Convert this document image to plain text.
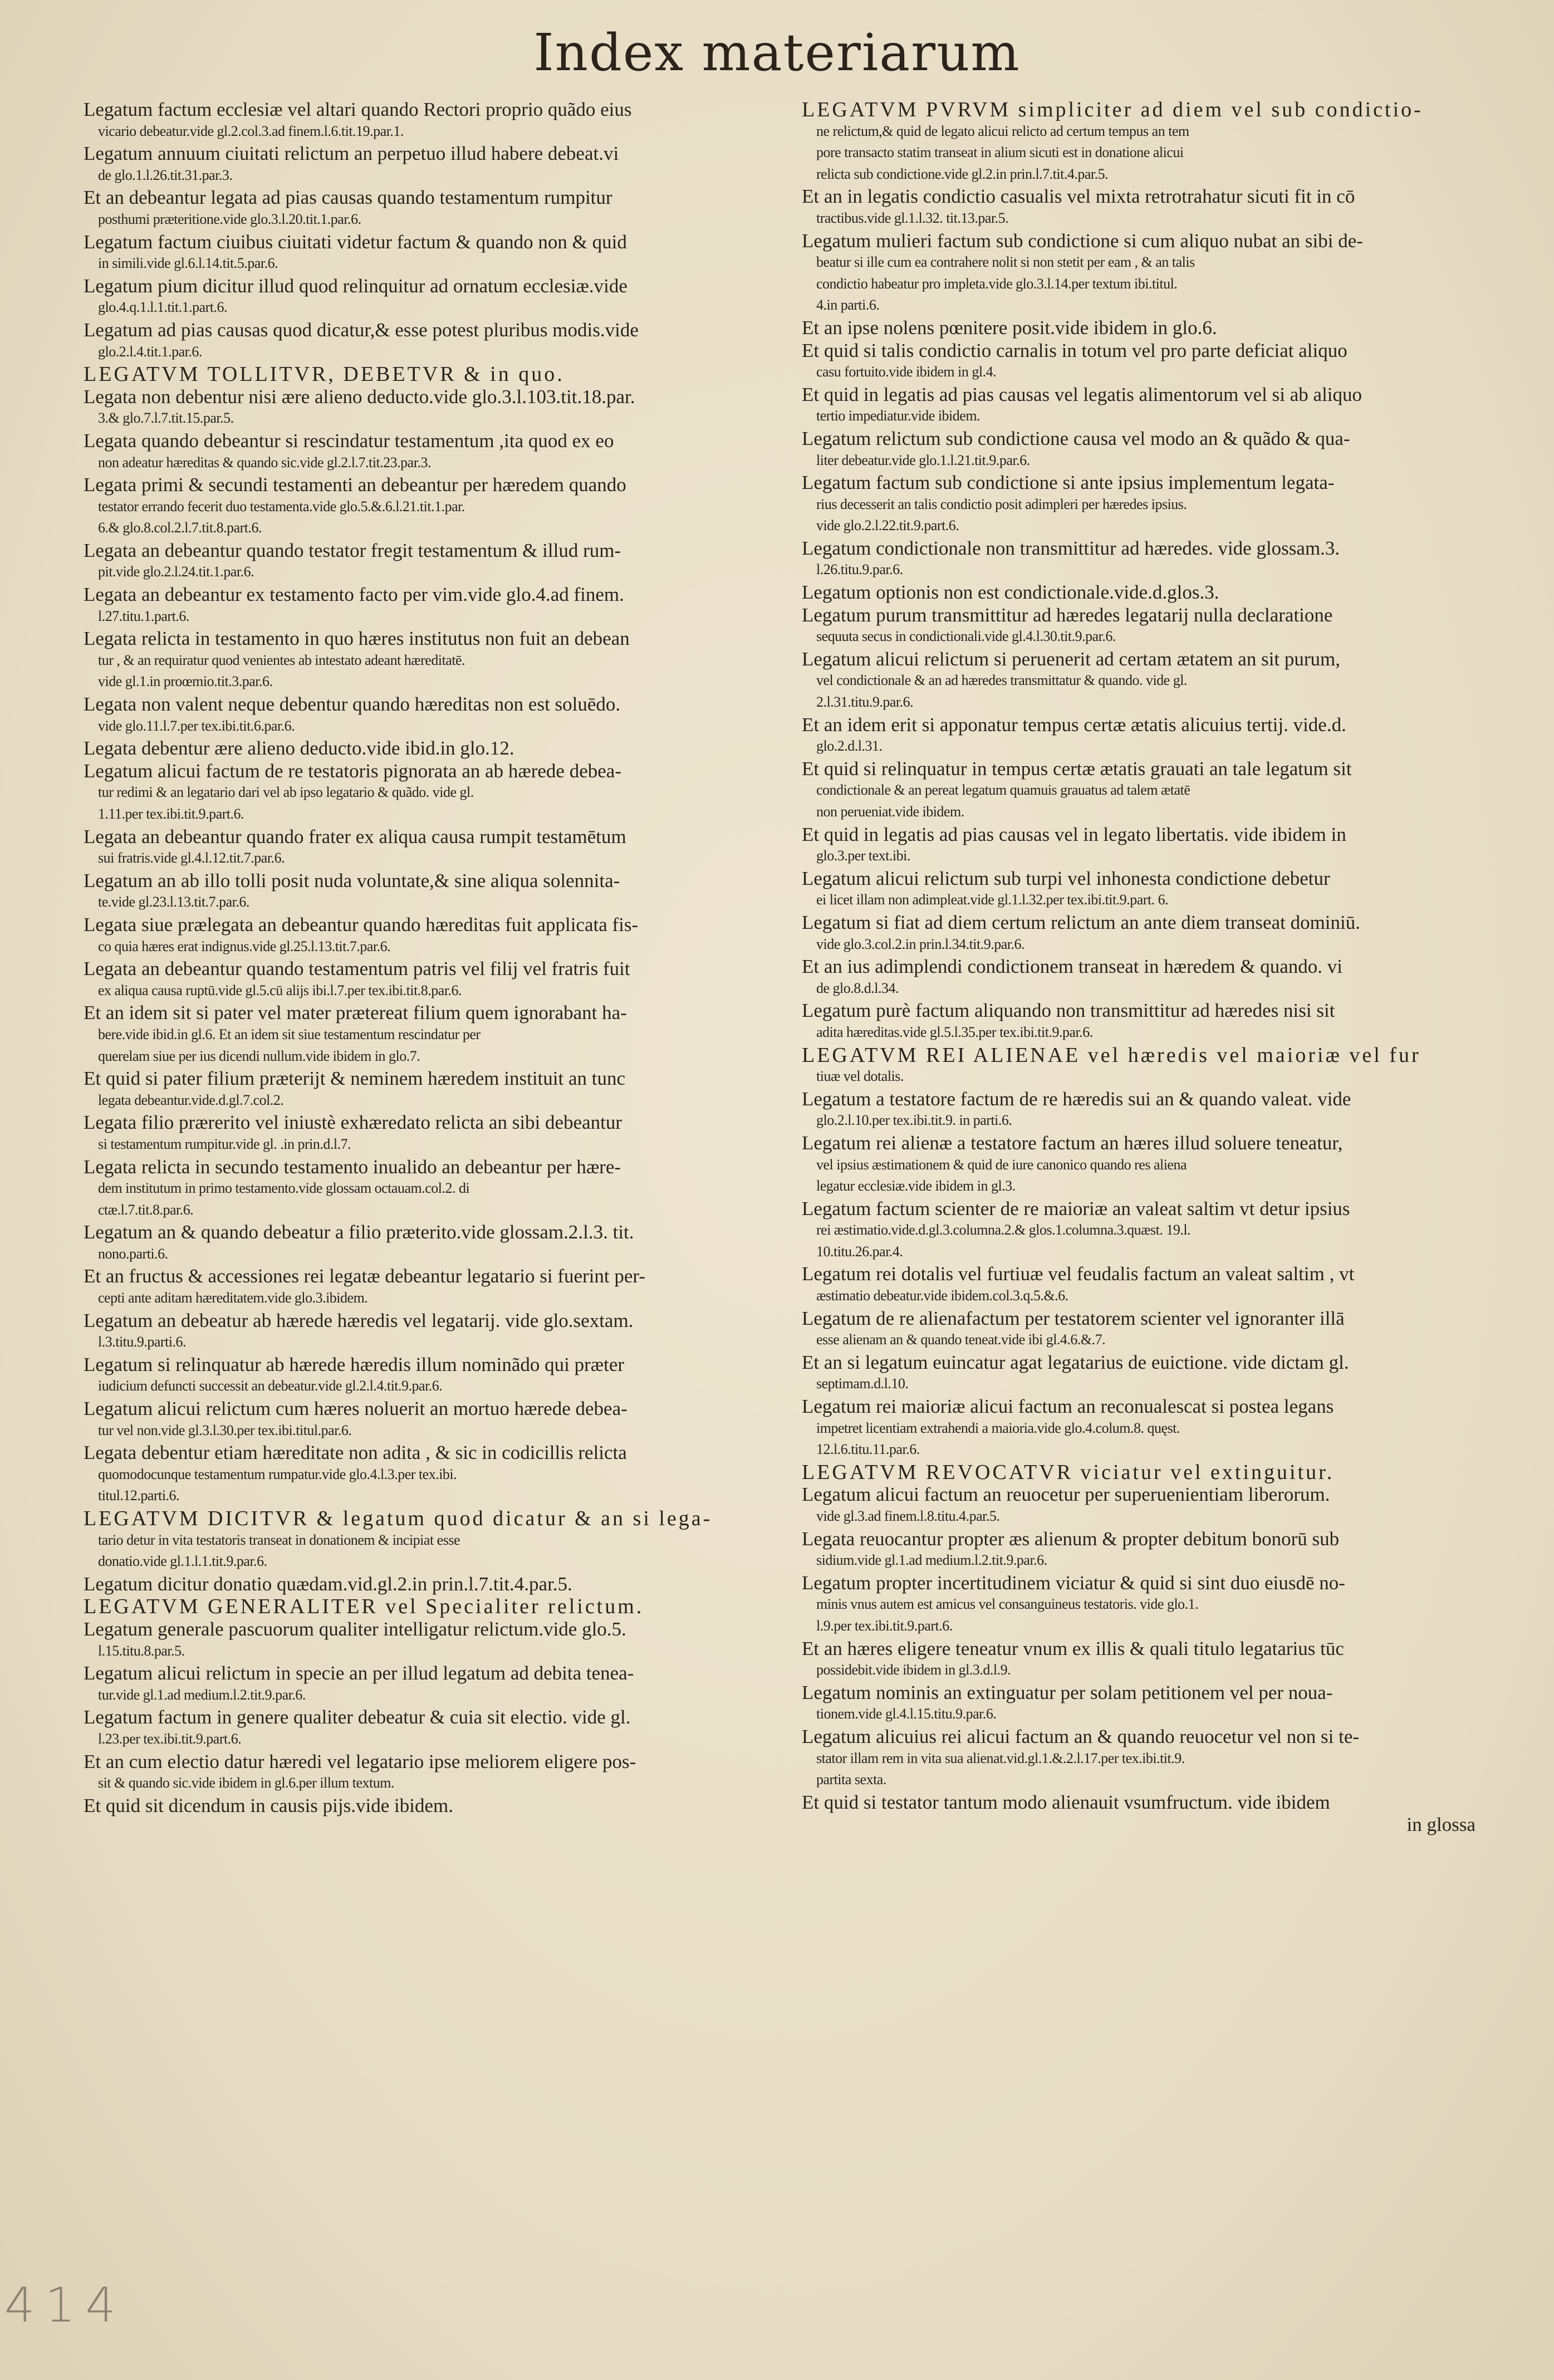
Index materiarum
Legatum factum ecclesiæ vel altari quando Rectori proprio quãdo eius
vicario debeatur.vide gl.2.col.3.ad finem.l.6.tit.19.par.1.
Legatum annuum ciuitati relictum an perpetuo illud habere debeat.vi
de glo.1.l.26.tit.31.par.3.
Et an debeantur legata ad pias causas quando testamentum rumpitur
posthumi præteritione.vide glo.3.l.20.tit.1.par.6.
Legatum factum ciuibus ciuitati videtur factum & quando non & quid
in simili.vide gl.6.l.14.tit.5.par.6.
Legatum pium dicitur illud quod relinquitur ad ornatum ecclesiæ.vide
glo.4.q.1.l.1.tit.1.part.6.
Legatum ad pias causas quod dicatur,& esse potest pluribus modis.vide
glo.2.l.4.tit.1.par.6.
LEGATVM TOLLITVR, DEBETVR & in quo.
Legata non debentur nisi ære alieno deducto.vide glo.3.l.103.tit.18.par.
3.& glo.7.l.7.tit.15.par.5.
Legata quando debeantur si rescindatur testamentum ,ita quod ex eo
non adeatur hæreditas & quando sic.vide gl.2.l.7.tit.23.par.3.
Legata primi & secundi testamenti an debeantur per hæredem quando
testator errando fecerit duo testamenta.vide glo.5.&.6.l.21.tit.1.par.
6.& glo.8.col.2.l.7.tit.8.part.6.
Legata an debeantur quando testator fregit testamentum & illud rum-
pit.vide glo.2.l.24.tit.1.par.6.
Legata an debeantur ex testamento facto per vim.vide glo.4.ad finem.
l.27.titu.1.part.6.
Legata relicta in testamento in quo hæres institutus non fuit an debean
tur , & an requiratur quod venientes ab intestato adeant hæreditatē.
vide gl.1.in proœmio.tit.3.par.6.
Legata non valent neque debentur quando hæreditas non est soluēdo.
vide glo.11.l.7.per tex.ibi.tit.6.par.6.
Legata debentur ære alieno deducto.vide ibid.in glo.12.
Legatum alicui factum de re testatoris pignorata an ab hærede debea-
tur redimi & an legatario dari vel ab ipso legatario & quãdo. vide gl.
1.11.per tex.ibi.tit.9.part.6.
Legata an debeantur quando frater ex aliqua causa rumpit testamētum
sui fratris.vide gl.4.l.12.tit.7.par.6.
Legatum an ab illo tolli posit nuda voluntate,& sine aliqua solennita-
te.vide gl.23.l.13.tit.7.par.6.
Legata siue prælegata an debeantur quando hæreditas fuit applicata fis-
co quia hæres erat indignus.vide gl.25.l.13.tit.7.par.6.
Legata an debeantur quando testamentum patris vel filij vel fratris fuit
ex aliqua causa ruptū.vide gl.5.cū alijs ibi.l.7.per tex.ibi.tit.8.par.6.
Et an idem sit si pater vel mater prætereat filium quem ignorabant ha-
bere.vide ibid.in gl.6. Et an idem sit siue testamentum rescindatur per
querelam siue per ius dicendi nullum.vide ibidem in glo.7.
Et quid si pater filium præterijt & neminem hæredem instituit an tunc
legata debeantur.vide.d.gl.7.col.2.
Legata filio prærerito vel iniustè exhæredato relicta an sibi debeantur
si testamentum rumpitur.vide gl. .in prin.d.l.7.
Legata relicta in secundo testamento inualido an debeantur per hære-
dem institutum in primo testamento.vide glossam octauam.col.2. di
ctæ.l.7.tit.8.par.6.
Legatum an & quando debeatur a filio præterito.vide glossam.2.l.3. tit.
nono.parti.6.
Et an fructus & accessiones rei legatæ debeantur legatario si fuerint per-
cepti ante aditam hæreditatem.vide glo.3.ibidem.
Legatum an debeatur ab hærede hæredis vel legatarij. vide glo.sextam.
l.3.titu.9.parti.6.
Legatum si relinquatur ab hærede hæredis illum nominãdo qui præter
iudicium defuncti successit an debeatur.vide gl.2.l.4.tit.9.par.6.
Legatum alicui relictum cum hæres noluerit an mortuo hærede debea-
tur vel non.vide gl.3.l.30.per tex.ibi.titul.par.6.
Legata debentur etiam hæreditate non adita , & sic in codicillis relicta
quomodocunque testamentum rumpatur.vide glo.4.l.3.per tex.ibi.
titul.12.parti.6.
LEGATVM DICITVR & legatum quod dicatur & an si lega-
tario detur in vita testatoris transeat in donationem & incipiat esse
donatio.vide gl.1.l.1.tit.9.par.6.
Legatum dicitur donatio quædam.vid.gl.2.in prin.l.7.tit.4.par.5.
LEGATVM GENERALITER vel Specialiter relictum.
Legatum generale pascuorum qualiter intelligatur relictum.vide glo.5.
l.15.titu.8.par.5.
Legatum alicui relictum in specie an per illud legatum ad debita tenea-
tur.vide gl.1.ad medium.l.2.tit.9.par.6.
Legatum factum in genere qualiter debeatur & cuia sit electio. vide gl.
l.23.per tex.ibi.tit.9.part.6.
Et an cum electio datur hæredi vel legatario ipse meliorem eligere pos-
sit & quando sic.vide ibidem in gl.6.per illum textum.
Et quid sit dicendum in causis pijs.vide ibidem.
LEGATVM PVRVM simpliciter ad diem vel sub condictio-
ne relictum,& quid de legato alicui relicto ad certum tempus an tem
pore transacto statim transeat in alium sicuti est in donatione alicui
relicta sub condictione.vide gl.2.in prin.l.7.tit.4.par.5.
Et an in legatis condictio casualis vel mixta retrotrahatur sicuti fit in cō
tractibus.vide gl.1.l.32. tit.13.par.5.
Legatum mulieri factum sub condictione si cum aliquo nubat an sibi de-
beatur si ille cum ea contrahere nolit si non stetit per eam , & an talis
condictio habeatur pro impleta.vide glo.3.l.14.per textum ibi.titul.
4.in parti.6.
Et an ipse nolens pœnitere posit.vide ibidem in glo.6.
Et quid si talis condictio carnalis in totum vel pro parte deficiat aliquo
casu fortuito.vide ibidem in gl.4.
Et quid in legatis ad pias causas vel legatis alimentorum vel si ab aliquo
tertio impediatur.vide ibidem.
Legatum relictum sub condictione causa vel modo an & quãdo & qua-
liter debeatur.vide glo.1.l.21.tit.9.par.6.
Legatum factum sub condictione si ante ipsius implementum legata-
rius decesserit an talis condictio posit adimpleri per hæredes ipsius.
vide glo.2.l.22.tit.9.part.6.
Legatum condictionale non transmittitur ad hæredes. vide glossam.3.
l.26.titu.9.par.6.
Legatum optionis non est condictionale.vide.d.glos.3.
Legatum purum transmittitur ad hæredes legatarij nulla declaratione
sequuta secus in condictionali.vide gl.4.l.30.tit.9.par.6.
Legatum alicui relictum si peruenerit ad certam ætatem an sit purum,
vel condictionale & an ad hæredes transmittatur & quando. vide gl.
2.l.31.titu.9.par.6.
Et an idem erit si apponatur tempus certæ ætatis alicuius tertij. vide.d.
glo.2.d.l.31.
Et quid si relinquatur in tempus certæ ætatis grauati an tale legatum sit
condictionale & an pereat legatum quamuis grauatus ad talem ætatē
non perueniat.vide ibidem.
Et quid in legatis ad pias causas vel in legato libertatis. vide ibidem in
glo.3.per text.ibi.
Legatum alicui relictum sub turpi vel inhonesta condictione debetur
ei licet illam non adimpleat.vide gl.1.l.32.per tex.ibi.tit.9.part. 6.
Legatum si fiat ad diem certum relictum an ante diem transeat dominiū.
vide glo.3.col.2.in prin.l.34.tit.9.par.6.
Et an ius adimplendi condictionem transeat in hæredem & quando. vi
de glo.8.d.l.34.
Legatum purè factum aliquando non transmittitur ad hæredes nisi sit
adita hæreditas.vide gl.5.l.35.per tex.ibi.tit.9.par.6.
LEGATVM REI ALIENAE vel hæredis vel maioriæ vel fur
tiuæ vel dotalis.
Legatum a testatore factum de re hæredis sui an & quando valeat. vide
glo.2.l.10.per tex.ibi.tit.9. in parti.6.
Legatum rei alienæ a testatore factum an hæres illud soluere teneatur,
vel ipsius æstimationem & quid de iure canonico quando res aliena
legatur ecclesiæ.vide ibidem in gl.3.
Legatum factum scienter de re maioriæ an valeat saltim vt detur ipsius
rei æstimatio.vide.d.gl.3.columna.2.& glos.1.columna.3.quæst. 19.l.
10.titu.26.par.4.
Legatum rei dotalis vel furtiuæ vel feudalis factum an valeat saltim , vt
æstimatio debeatur.vide ibidem.col.3.q.5.&.6.
Legatum de re alienafactum per testatorem scienter vel ignoranter illā
esse alienam an & quando teneat.vide ibi gl.4.6.&.7.
Et an si legatum euincatur agat legatarius de euictione. vide dictam gl.
septimam.d.l.10.
Legatum rei maioriæ alicui factum an reconualescat si postea legans
impetret licentiam extrahendi a maioria.vide glo.4.colum.8. quęst.
12.l.6.titu.11.par.6.
LEGATVM REVOCATVR viciatur vel extinguitur.
Legatum alicui factum an reuocetur per superuenientiam liberorum.
vide gl.3.ad finem.l.8.titu.4.par.5.
Legata reuocantur propter æs alienum & propter debitum bonorū sub
sidium.vide gl.1.ad medium.l.2.tit.9.par.6.
Legatum propter incertitudinem viciatur & quid si sint duo eiusdē no-
minis vnus autem est amicus vel consanguineus testatoris. vide glo.1.
l.9.per tex.ibi.tit.9.part.6.
Et an hæres eligere teneatur vnum ex illis & quali titulo legatarius tūc
possidebit.vide ibidem in gl.3.d.l.9.
Legatum nominis an extinguatur per solam petitionem vel per noua-
tionem.vide gl.4.l.15.titu.9.par.6.
Legatum alicuius rei alicui factum an & quando reuocetur vel non si te-
stator illam rem in vita sua alienat.vid.gl.1.&.2.l.17.per tex.ibi.tit.9.
partita sexta.
Et quid si testator tantum modo alienauit vsumfructum. vide ibidem
in glossa
414
